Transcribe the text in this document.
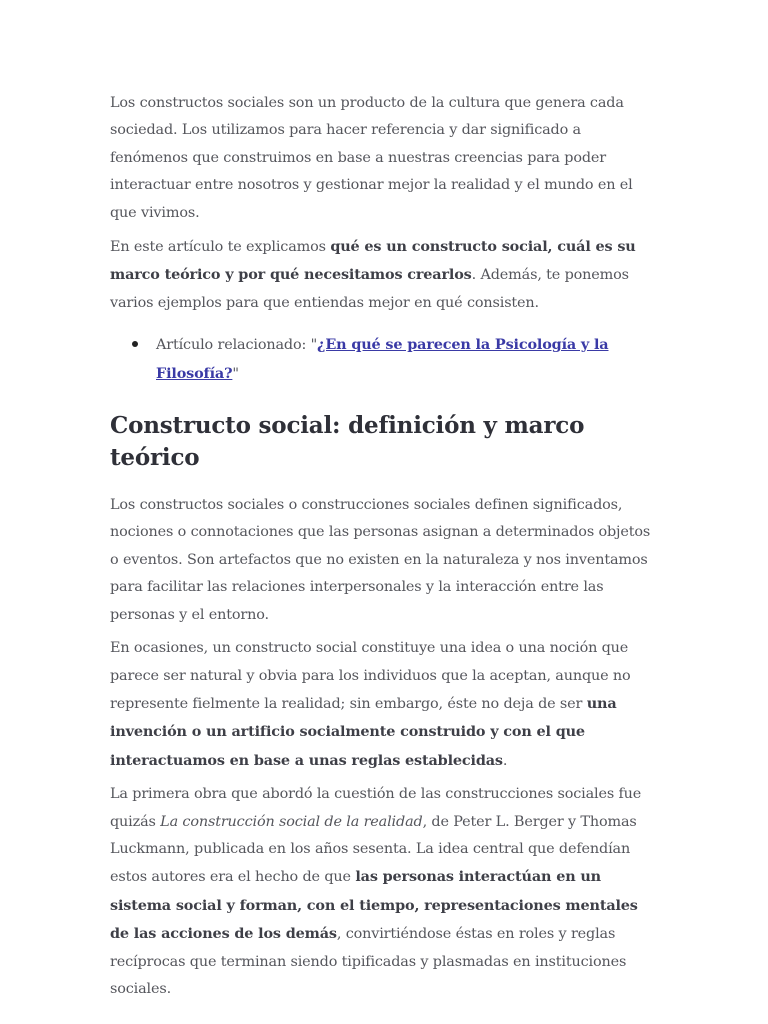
Los constructos sociales son un producto de la cultura que genera cada sociedad. Los utilizamos para hacer referencia y dar significado a fenómenos que construimos en base a nuestras creencias para poder interactuar entre nosotros y gestionar mejor la realidad y el mundo en el que vivimos.

En este artículo te explicamos qué es un constructo social, cuál es su marco teórico y por qué necesitamos crearlos. Además, te ponemos varios ejemplos para que entiendas mejor en qué consisten.

Artículo relacionado: "¿En qué se parecen la Psicología y la Filosofía?"
Constructo social: definición y marco teórico

Los constructos sociales o construcciones sociales definen significados, nociones o connotaciones que las personas asignan a determinados objetos o eventos. Son artefactos que no existen en la naturaleza y nos inventamos para facilitar las relaciones interpersonales y la interacción entre las personas y el entorno.

En ocasiones, un constructo social constituye una idea o una noción que parece ser natural y obvia para los individuos que la aceptan, aunque no represente fielmente la realidad; sin embargo, éste no deja de ser una invención o un artificio socialmente construido y con el que interactuamos en base a unas reglas establecidas.

La primera obra que abordó la cuestión de las construcciones sociales fue quizás La construcción social de la realidad, de Peter L. Berger y Thomas Luckmann, publicada en los años sesenta. La idea central que defendían estos autores era el hecho de que las personas interactúan en un sistema social y forman, con el tiempo, representaciones mentales de las acciones de los demás, convirtiéndose éstas en roles y reglas recíprocas que terminan siendo tipificadas y plasmadas en instituciones sociales.
